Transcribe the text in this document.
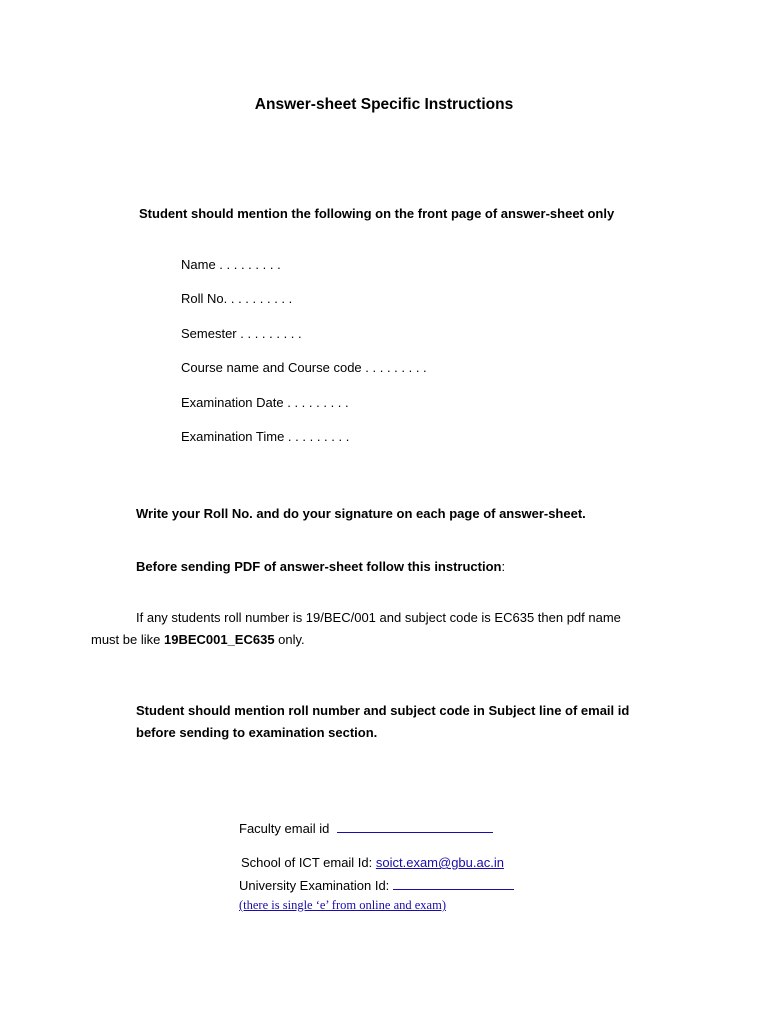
Answer-sheet Specific Instructions
Student should mention the following on the front page of answer-sheet only
Name . . . . . . . . .
Roll No. . . . . . . . . .
Semester . . . . . . . . .
Course name and Course code . . . . . . . . .
Examination Date . . . . . . . . .
Examination Time . . . . . . . . .
Write your Roll No. and do your signature on each page of answer-sheet.
Before sending PDF of answer-sheet follow this instruction:
If any students roll number is 19/BEC/001 and subject code is EC635 then pdf name
must be like 19BEC001_EC635 only.
Student should mention roll number and subject code in Subject line of email id
before sending to examination section.
Faculty email id
School of ICT email Id: soict.exam@gbu.ac.in
University Examination Id:
(there is single ‘e’ from online and exam)
